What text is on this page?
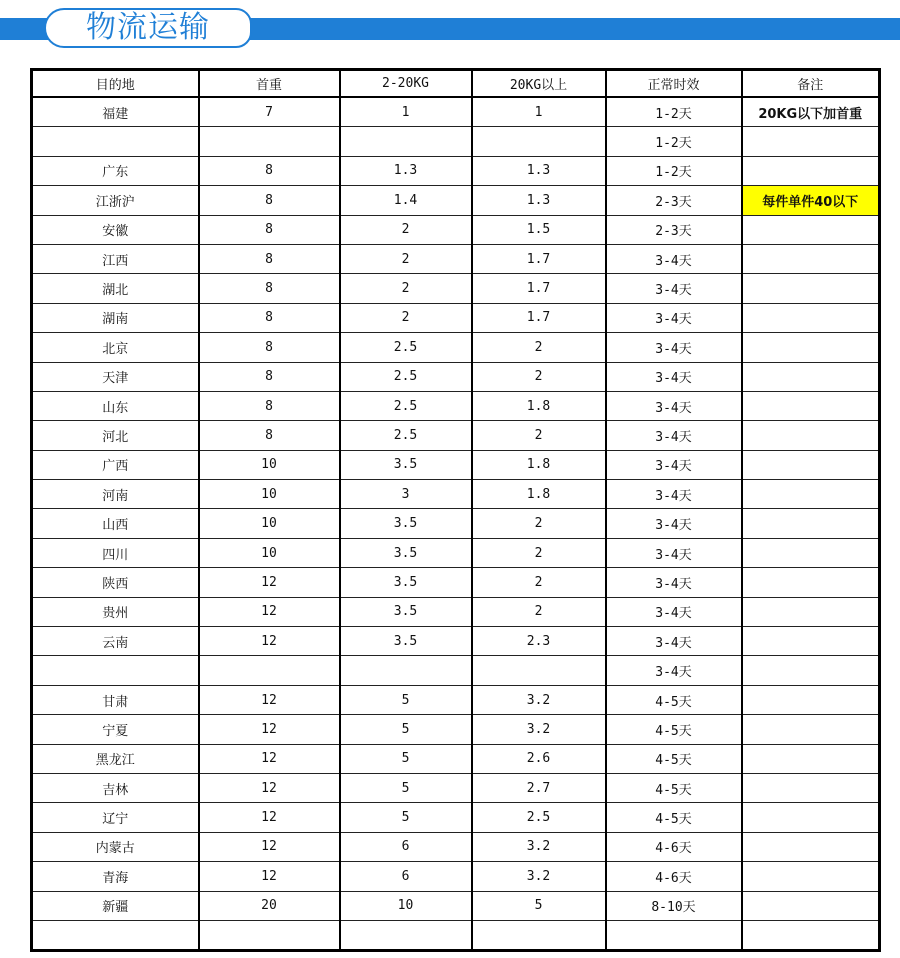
物流运输
目的地	首重	2-20KG	20KG以上	正常时效	备注
福建	7	1	1	1-2天	20KG以下加首重
				1-2天	
广东	8	1.3	1.3	1-2天	
江浙沪	8	1.4	1.3	2-3天	每件单件40以下
安徽	8	2	1.5	2-3天	
江西	8	2	1.7	3-4天	
湖北	8	2	1.7	3-4天	
湖南	8	2	1.7	3-4天	
北京	8	2.5	2	3-4天	
天津	8	2.5	2	3-4天	
山东	8	2.5	1.8	3-4天	
河北	8	2.5	2	3-4天	
广西	10	3.5	1.8	3-4天	
河南	10	3	1.8	3-4天	
山西	10	3.5	2	3-4天	
四川	10	3.5	2	3-4天	
陕西	12	3.5	2	3-4天	
贵州	12	3.5	2	3-4天	
云南	12	3.5	2.3	3-4天	
				3-4天	
甘肃	12	5	3.2	4-5天	
宁夏	12	5	3.2	4-5天	
黑龙江	12	5	2.6	4-5天	
吉林	12	5	2.7	4-5天	
辽宁	12	5	2.5	4-5天	
内蒙古	12	6	3.2	4-6天	
青海	12	6	3.2	4-6天	
新疆	20	10	5	8-10天	
